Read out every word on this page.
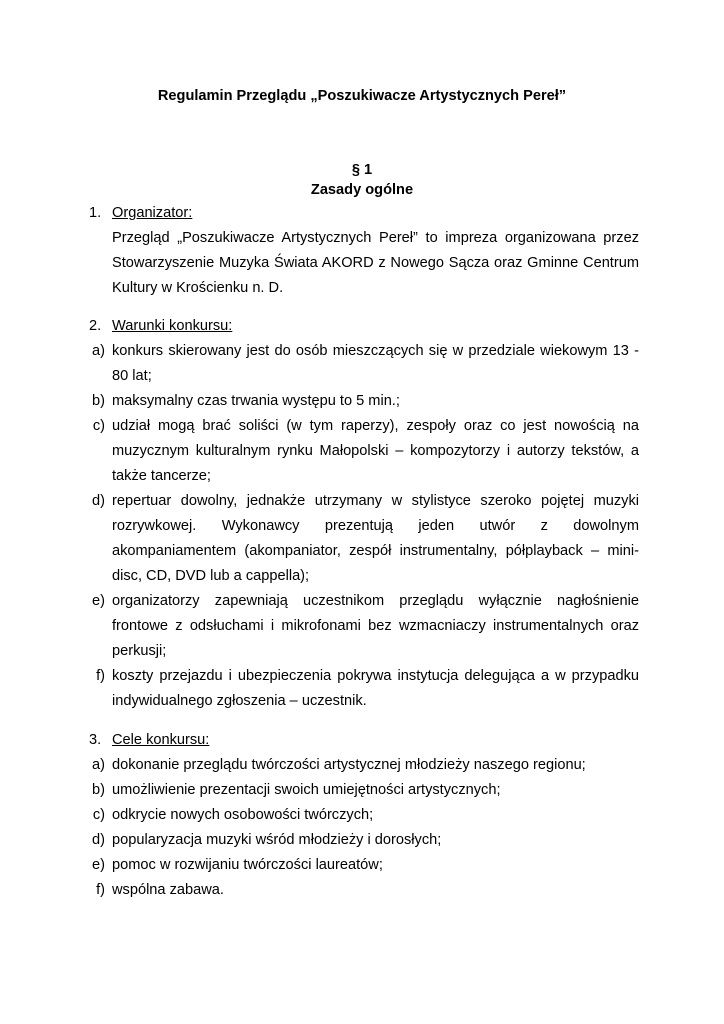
Regulamin Przeglądu „Poszukiwacze Artystycznych Pereł”
§ 1
Zasady ogólne
1. Organizator:
Przegląd „Poszukiwacze Artystycznych Pereł” to impreza organizowana przez Stowarzyszenie Muzyka Świata AKORD z Nowego Sącza oraz Gminne Centrum Kultury w Krościenku n. D.
2. Warunki konkursu:
a) konkurs skierowany jest do osób mieszczących się w przedziale wiekowym 13 - 80 lat;
b) maksymalny czas trwania występu to 5 min.;
c) udział mogą brać soliści (w tym raperzy), zespoły oraz co jest nowością na muzycznym kulturalnym rynku Małopolski – kompozytorzy i autorzy tekstów, a także tancerze;
d) repertuar dowolny, jednakże utrzymany w stylistyce szeroko pojętej muzyki rozrywkowej. Wykonawcy prezentują jeden utwór z dowolnym akompaniamentem (akompaniator, zespół instrumentalny, półplayback – mini-disc, CD, DVD lub a cappella);
e) organizatorzy zapewniają uczestnikom przeglądu wyłącznie nagłośnienie frontowe z odsłuchami i mikrofonami bez wzmacniaczy instrumentalnych oraz perkusji;
f) koszty przejazdu i ubezpieczenia pokrywa instytucja delegująca a w przypadku indywidualnego zgłoszenia – uczestnik.
3. Cele konkursu:
a) dokonanie przeglądu twórczości artystycznej młodzieży naszego regionu;
b) umożliwienie prezentacji swoich umiejętności artystycznych;
c) odkrycie nowych osobowości twórczych;
d) popularyzacja muzyki wśród młodzieży i dorosłych;
e) pomoc w rozwijaniu twórczości laureatów;
f) wspólna zabawa.
